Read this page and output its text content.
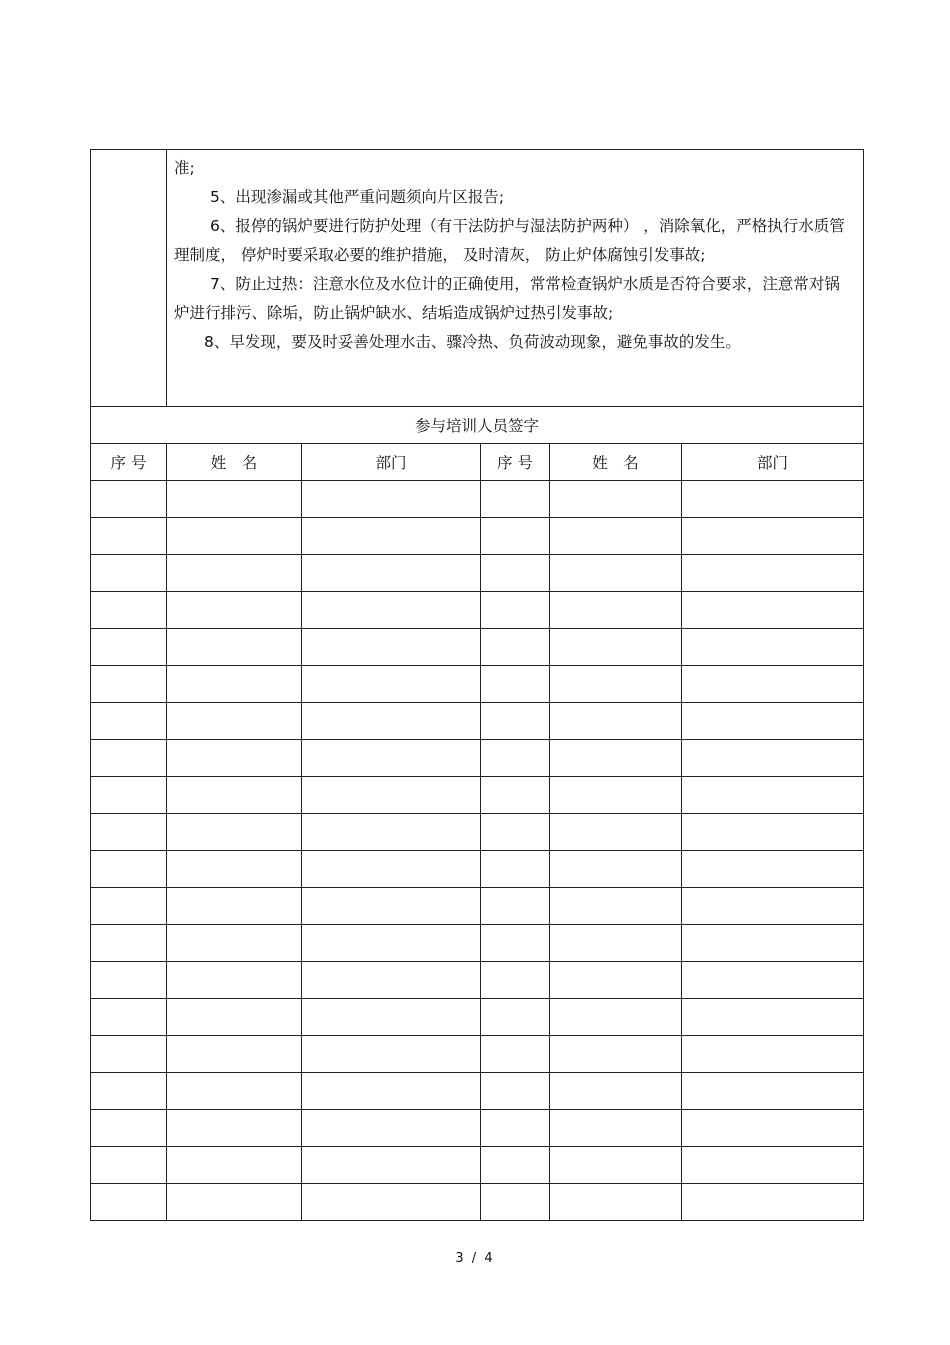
	准;

5、出现渗漏或其他严重问题须向片区报告;

6、报停的锅炉要进行防护处理（有干法防护与湿法防护两种） ，消除氧化，严格执行水质管理制度， 停炉时要采取必要的维护措施， 及时清灰， 防止炉体腐蚀引发事故;

7、防止过热：注意水位及水位计的正确使用，常常检查锅炉水质是否符合要求，注意常对锅炉进行排污、除垢，防止锅炉缺水、结垢造成锅炉过热引发事故;

8、早发现，要及时妥善处理水击、骤冷热、负荷波动现象，避免事故的发生。				

参与培训人员签字					
序 号	姓　名	部门	序 号	姓　名	部门

3 / 4
